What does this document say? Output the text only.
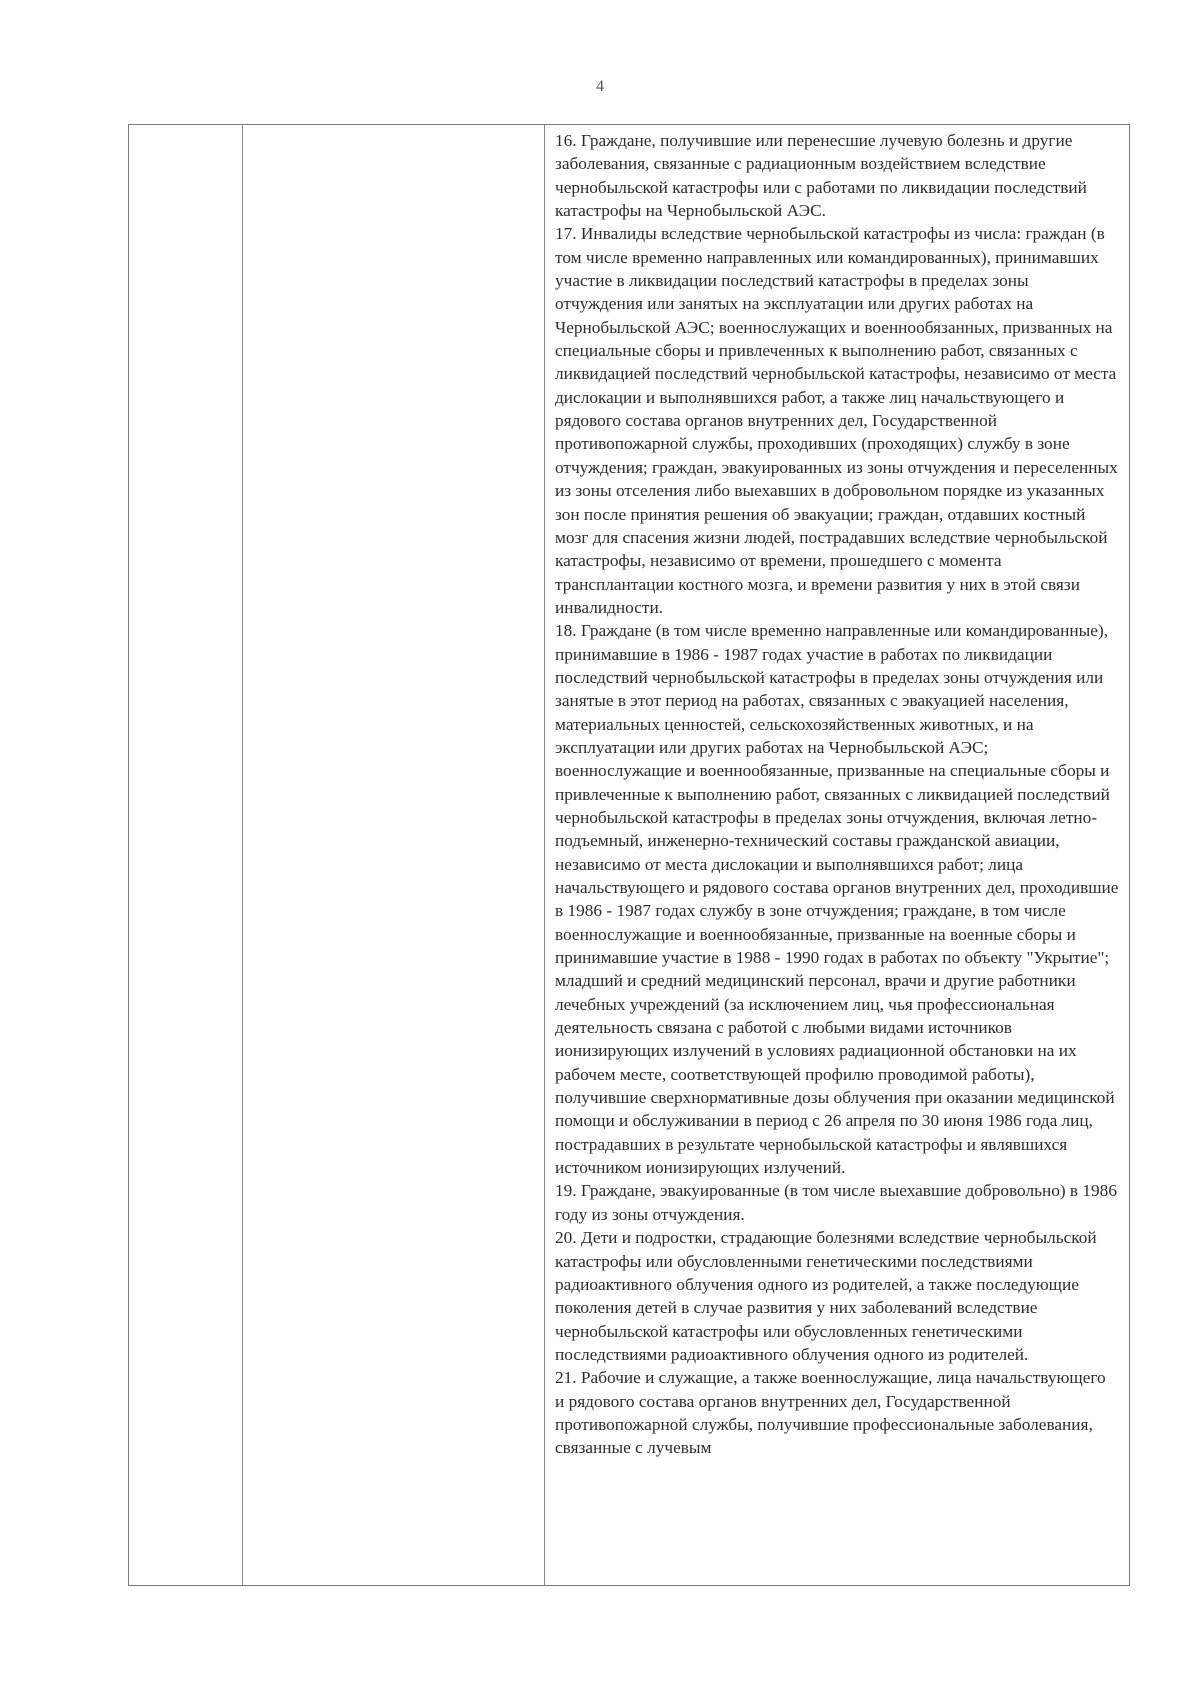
4
16. Граждане, получившие или перенесшие лучевую болезнь и другие заболевания, связанные с радиационным воздействием вследствие чернобыльской катастрофы или с работами по ликвидации последствий катастрофы на Чернобыльской АЭС.
17. Инвалиды вследствие чернобыльской катастрофы из числа: граждан (в том числе временно направленных или командированных), принимавших участие в ликвидации последствий катастрофы в пределах зоны отчуждения или занятых на эксплуатации или других работах на Чернобыльской АЭС; военнослужащих и военнообязанных, призванных на специальные сборы и привлеченных к выполнению работ, связанных с ликвидацией последствий чернобыльской катастрофы, независимо от места дислокации и выполнявшихся работ, а также лиц начальствующего и рядового состава органов внутренних дел, Государственной противопожарной службы, проходивших (проходящих) службу в зоне отчуждения; граждан, эвакуированных из зоны отчуждения и переселенных из зоны отселения либо выехавших в добровольном порядке из указанных зон после принятия решения об эвакуации; граждан, отдавших костный мозг для спасения жизни людей, пострадавших вследствие чернобыльской катастрофы, независимо от времени, прошедшего с момента трансплантации костного мозга, и времени развития у них в этой связи инвалидности.
18. Граждане (в том числе временно направленные или командированные), принимавшие в 1986 - 1987 годах участие в работах по ликвидации последствий чернобыльской катастрофы в пределах зоны отчуждения или занятые в этот период на работах, связанных с эвакуацией населения, материальных ценностей, сельскохозяйственных животных, и на эксплуатации или других работах на Чернобыльской АЭС; военнослужащие и военнообязанные, призванные на специальные сборы и привлеченные к выполнению работ, связанных с ликвидацией последствий чернобыльской катастрофы в пределах зоны отчуждения, включая летно-подъемный, инженерно-технический составы гражданской авиации, независимо от места дислокации и выполнявшихся работ; лица начальствующего и рядового состава органов внутренних дел, проходившие в 1986 - 1987 годах службу в зоне отчуждения; граждане, в том числе военнослужащие и военнообязанные, призванные на военные сборы и принимавшие участие в 1988 - 1990 годах в работах по объекту "Укрытие"; младший и средний медицинский персонал, врачи и другие работники лечебных учреждений (за исключением лиц, чья профессиональная деятельность связана с работой с любыми видами источников ионизирующих излучений в условиях радиационной обстановки на их рабочем месте, соответствующей профилю проводимой работы), получившие сверхнормативные дозы облучения при оказании медицинской помощи и обслуживании в период с 26 апреля по 30 июня 1986 года лиц, пострадавших в результате чернобыльской катастрофы и являвшихся источником ионизирующих излучений.
19. Граждане, эвакуированные (в том числе выехавшие добровольно) в 1986 году из зоны отчуждения.
20. Дети и подростки, страдающие болезнями вследствие чернобыльской катастрофы или обусловленными генетическими последствиями радиоактивного облучения одного из родителей, а также последующие поколения детей в случае развития у них заболеваний вследствие чернобыльской катастрофы или обусловленных генетическими последствиями радиоактивного облучения одного из родителей.
21. Рабочие и служащие, а также военнослужащие, лица начальствующего и рядового состава органов внутренних дел, Государственной противопожарной службы, получившие профессиональные заболевания, связанные с лучевым
